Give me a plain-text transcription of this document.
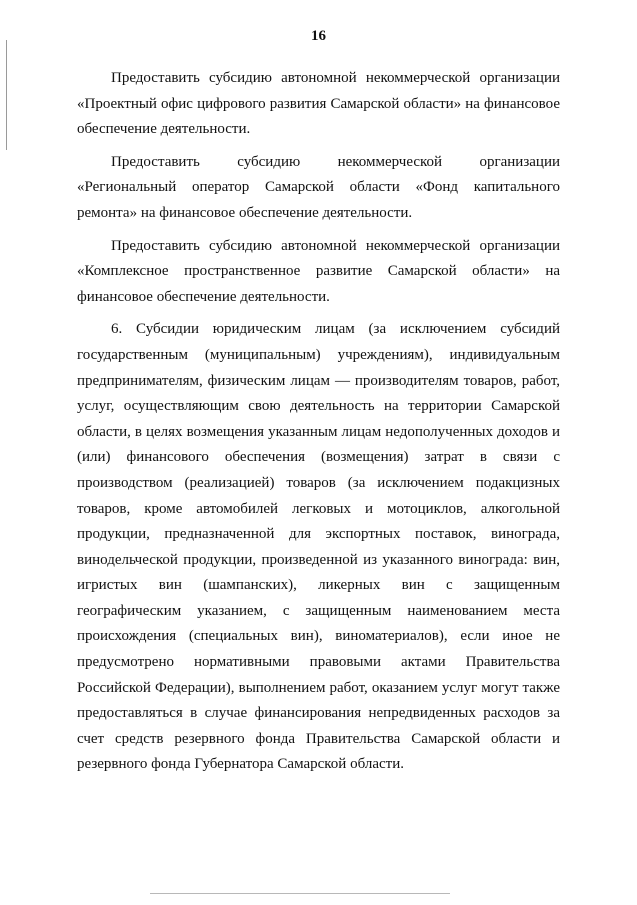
16

Предоставить субсидию автономной некоммерческой организации «Проектный офис цифрового развития Самарской области» на финансовое обеспечение деятельности.

Предоставить субсидию некоммерческой организации «Региональный оператор Самарской области «Фонд капитального ремонта» на финансовое обеспечение деятельности.

Предоставить субсидию автономной некоммерческой организации «Комплексное пространственное развитие Самарской области» на финансовое обеспечение деятельности.

6. Субсидии юридическим лицам (за исключением субсидий государственным (муниципальным) учреждениям), индивидуальным предпринимателям, физическим лицам — производителям товаров, работ, услуг, осуществляющим свою деятельность на территории Самарской области, в целях возмещения указанным лицам недополученных доходов и (или) финансового обеспечения (возмещения) затрат в связи с производством (реализацией) товаров (за исключением подакцизных товаров, кроме автомобилей легковых и мотоциклов, алкогольной продукции, предназначенной для экспортных поставок, винограда, винодельческой продукции, произведенной из указанного винограда: вин, игристых вин (шампанских), ликерных вин с защищенным географическим указанием, с защищенным наименованием места происхождения (специальных вин), виноматериалов), если иное не предусмотрено нормативными правовыми актами Правительства Российской Федерации), выполнением работ, оказанием услуг могут также предоставляться в случае финансирования непредвиденных расходов за счет средств резервного фонда Правительства Самарской области и резервного фонда Губернатора Самарской области.
